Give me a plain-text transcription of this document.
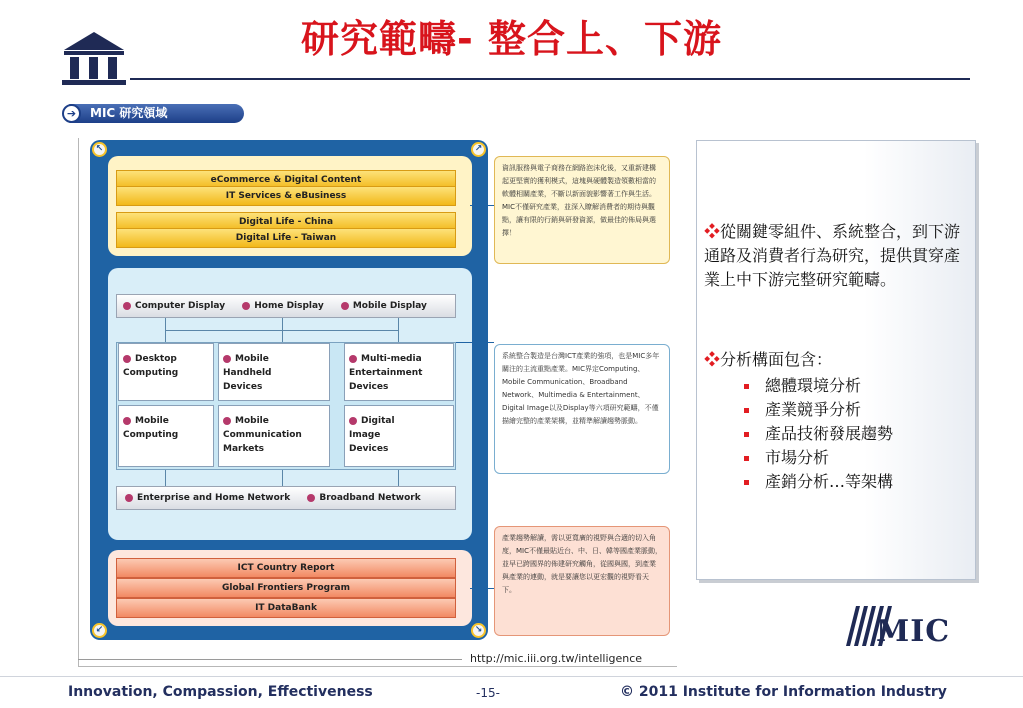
研究範疇- 整合上、下游
MIC 研究領域
➔
↖	↗
↙	↘
eCommerce & Digital Content
IT Services & eBusiness
Digital Life - China
Digital Life - Taiwan
Computer Display	Home Display	Mobile Display
Desktop
Computing
Mobile
Handheld
Devices
Multi-media
Entertainment
Devices
Mobile
Computing
Mobile
Communication
Markets
Digital
Image
Devices
Enterprise and Home Network	Broadband Network
ICT Country Report
Global Frontiers Program
IT DataBank
資訊服務與電子商務在網路泡沫化後，又重新建構起更堅實的獲利模式，這塊與硬體製造領數相當的軟體相關產業，不斷以新面貌影響著工作與生活。MIC不僅研究產業，並深入瞭解消費者的期待與觀點，讓有限的行銷與研發資源，做最佳的佈局與選擇！
系統整合製造是台灣ICT產業的強項，也是MIC多年關注的主流重點產業。MIC界定Computing、Mobile Communication、Broadband Network、Multimedia & Entertainment、Digital Image以及Display等六項研究範疇，不僅描繪完整的產業架構，並精準解讀趨勢脈動。
產業趨勢解讀，需以更寬廣的視野與合適的切入角度，MIC不僅最貼近台、中、日、韓等國產業脈動，並早已跨國界的佈建研究觸角，從國與國，到產業與產業的連動，就是要讓您以更宏觀的視野看天下。
http://mic.iii.org.tw/intelligence
❖從關鍵零組件、系統整合，到下游通路及消費者行為研究，提供貫穿產業上中下游完整研究範疇。
❖分析構面包含：
總體環境分析
產業競爭分析
產品技術發展趨勢
市場分析
產銷分析…等架構
MIC
Innovation, Compassion, Effectiveness	-15-	© 2011 Institute for Information Industry
